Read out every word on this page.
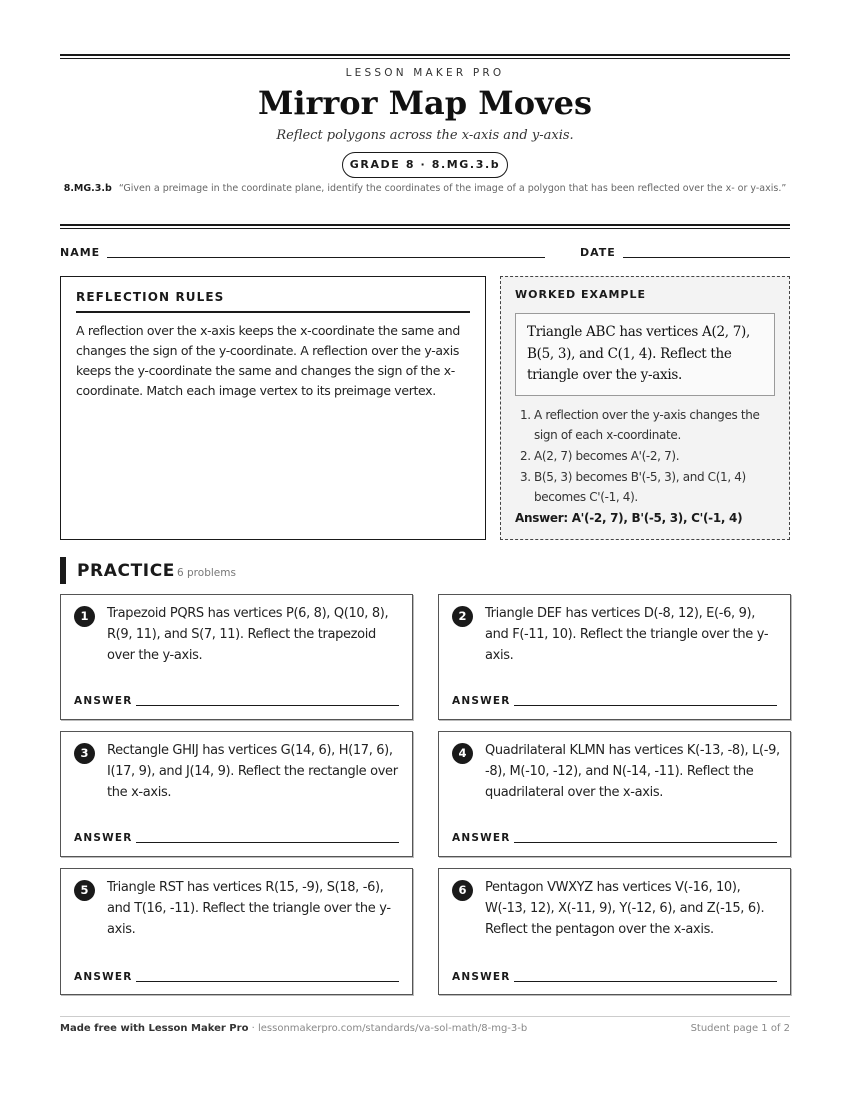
LESSON MAKER PRO
Mirror Map Moves
Reflect polygons across the x-axis and y-axis.
GRADE 8 · 8.MG.3.b
8.MG.3.b “Given a preimage in the coordinate plane, identify the coordinates of the image of a polygon that has been reflected over the x- or y-axis.”
NAME	DATE
REFLECTION RULES
A reflection over the x-axis keeps the x-coordinate the same and changes the sign of the y-coordinate. A reflection over the y-axis keeps the y-coordinate the same and changes the sign of the x-coordinate. Match each image vertex to its preimage vertex.
WORKED EXAMPLE
Triangle ABC has vertices A(2, 7), B(5, 3), and C(1, 4). Reflect the triangle over the y-axis.
1. A reflection over the y-axis changes the sign of each x-coordinate.
2. A(2, 7) becomes A'(-2, 7).
3. B(5, 3) becomes B'(-5, 3), and C(1, 4) becomes C'(-1, 4).
Answer: A'(-2, 7), B'(-5, 3), C'(-1, 4)
PRACTICE 6 problems
1	Trapezoid PQRS has vertices P(6, 8), Q(10, 8), R(9, 11), and S(7, 11). Reflect the trapezoid over the y-axis.
ANSWER
2	Triangle DEF has vertices D(-8, 12), E(-6, 9), and F(-11, 10). Reflect the triangle over the y-axis.
ANSWER
3	Rectangle GHIJ has vertices G(14, 6), H(17, 6), I(17, 9), and J(14, 9). Reflect the rectangle over the x-axis.
ANSWER
4	Quadrilateral KLMN has vertices K(-13, -8), L(-9, -8), M(-10, -12), and N(-14, -11). Reflect the quadrilateral over the x-axis.
ANSWER
5	Triangle RST has vertices R(15, -9), S(18, -6), and T(16, -11). Reflect the triangle over the y-axis.
ANSWER
6	Pentagon VWXYZ has vertices V(-16, 10), W(-13, 12), X(-11, 9), Y(-12, 6), and Z(-15, 6). Reflect the pentagon over the x-axis.
ANSWER
Made free with Lesson Maker Pro · lessonmakerpro.com/standards/va-sol-math/8-mg-3-b	Student page 1 of 2
